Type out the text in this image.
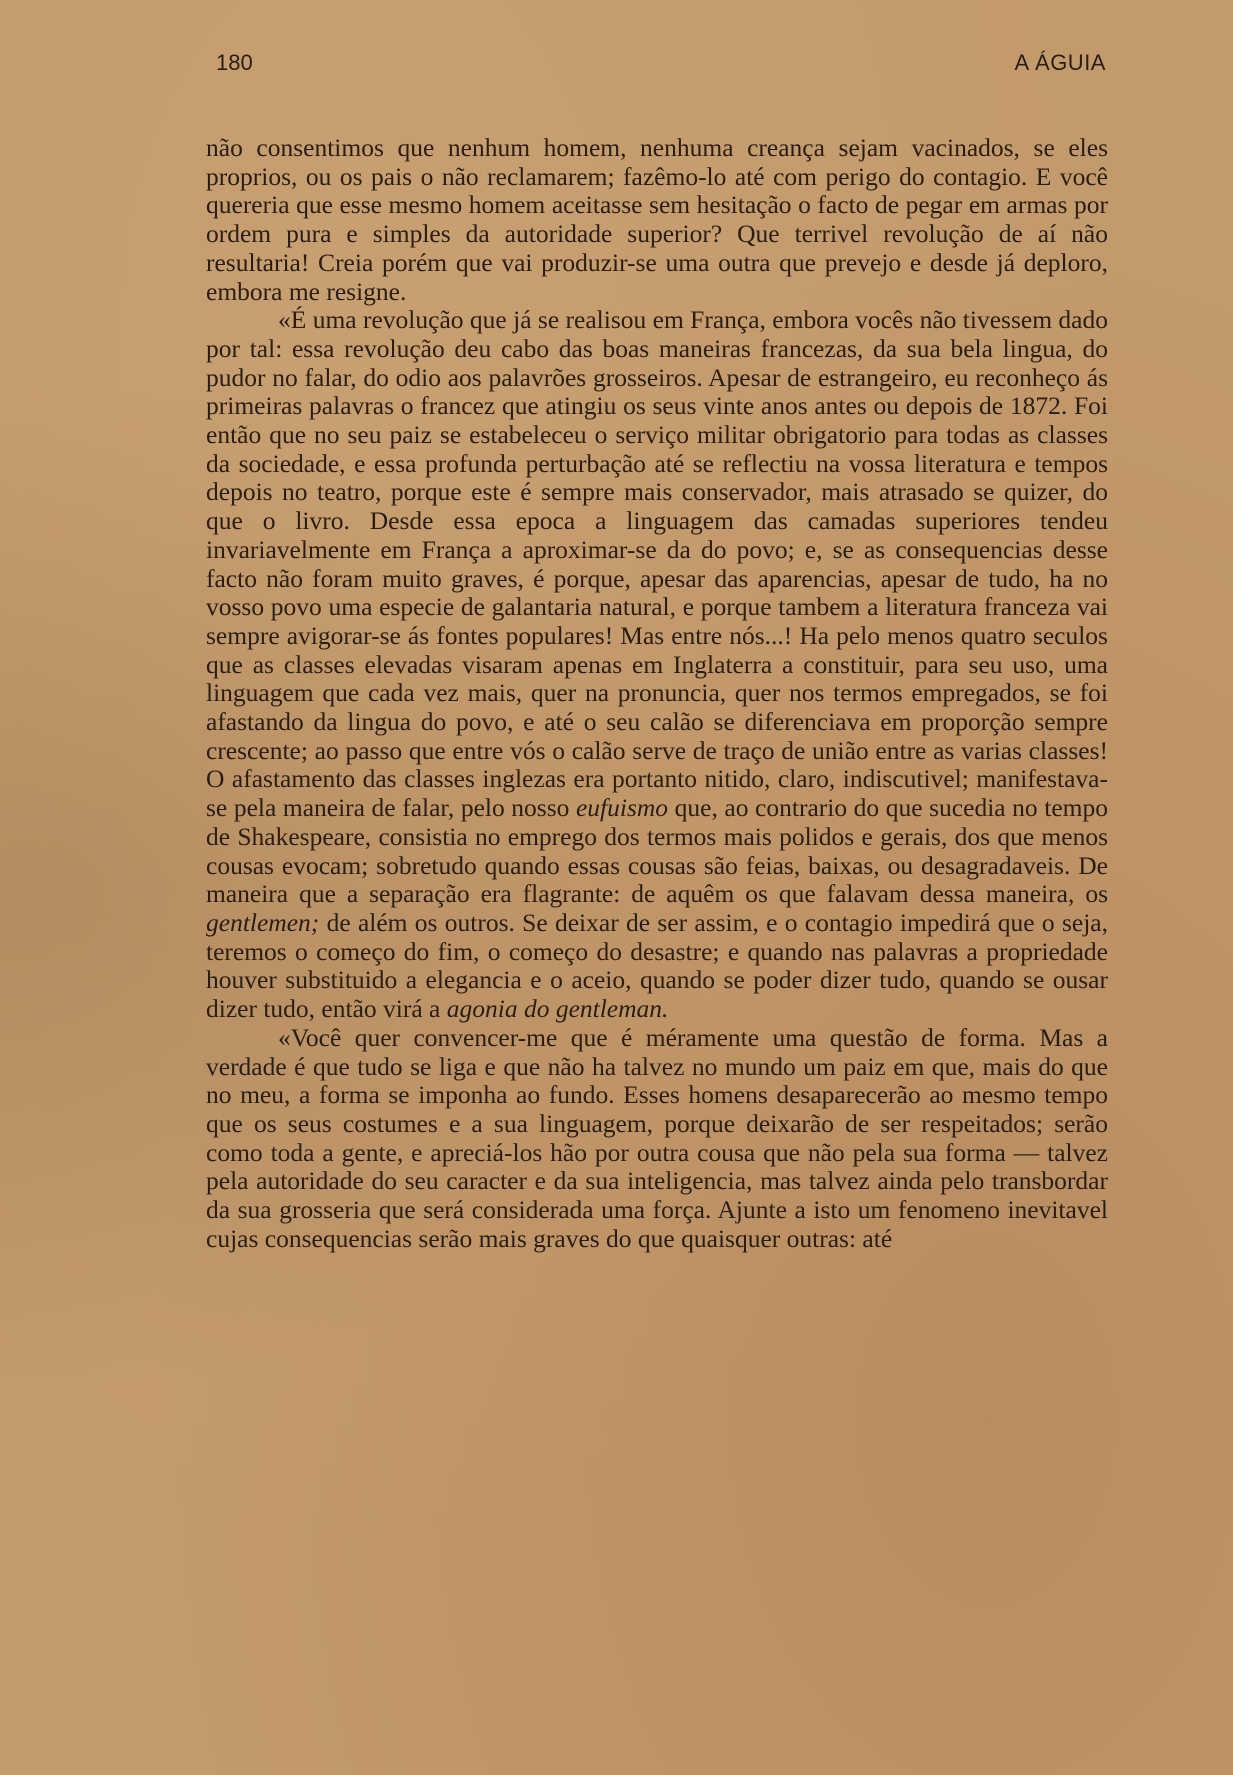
180	A ÁGUIA

não consentimos que nenhum homem, nenhuma creança sejam vacinados, se eles proprios, ou os pais o não reclamarem; fazêmo-lo até com perigo do contagio. E você quereria que esse mesmo homem aceitasse sem hesitação o facto de pegar em armas por ordem pura e simples da autoridade superior? Que terrivel revolução de aí não resultaria! Creia porém que vai produzir-se uma outra que prevejo e desde já deploro, embora me resigne.

«É uma revolução que já se realisou em França, embora vocês não tivessem dado por tal: essa revolução deu cabo das boas maneiras francezas, da sua bela lingua, do pudor no falar, do odio aos palavrões grosseiros. Apesar de estrangeiro, eu reconheço ás primeiras palavras o francez que atingiu os seus vinte anos antes ou depois de 1872. Foi então que no seu paiz se estabeleceu o serviço militar obrigatorio para todas as classes da sociedade, e essa profunda perturbação até se reflectiu na vossa literatura e tempos depois no teatro, porque este é sempre mais conservador, mais atrasado se quizer, do que o livro. Desde essa epoca a linguagem das camadas superiores tendeu invariavelmente em França a aproximar-se da do povo; e, se as consequencias desse facto não foram muito graves, é porque, apesar das aparencias, apesar de tudo, ha no vosso povo uma especie de galantaria natural, e porque tambem a literatura franceza vai sempre avigorar-se ás fontes populares! Mas entre nós...! Ha pelo menos quatro seculos que as classes elevadas visaram apenas em Inglaterra a constituir, para seu uso, uma linguagem que cada vez mais, quer na pronuncia, quer nos termos empregados, se foi afastando da lingua do povo, e até o seu calão se diferenciava em proporção sempre crescente; ao passo que entre vós o calão serve de traço de união entre as varias classes! O afastamento das classes inglezas era portanto nitido, claro, indiscutivel; manifestava-se pela maneira de falar, pelo nosso eufuismo que, ao contrario do que sucedia no tempo de Shakespeare, consistia no emprego dos termos mais polidos e gerais, dos que menos cousas evocam; sobretudo quando essas cousas são feias, baixas, ou desagradaveis. De maneira que a separação era flagrante: de aquêm os que falavam dessa maneira, os gentlemen; de além os outros. Se deixar de ser assim, e o contagio impedirá que o seja, teremos o começo do fim, o começo do desastre; e quando nas palavras a propriedade houver substituido a elegancia e o aceio, quando se poder dizer tudo, quando se ousar dizer tudo, então virá a agonia do gentleman.

«Você quer convencer-me que é méramente uma questão de forma. Mas a verdade é que tudo se liga e que não ha talvez no mundo um paiz em que, mais do que no meu, a forma se imponha ao fundo. Esses homens desaparecerão ao mesmo tempo que os seus costumes e a sua linguagem, porque deixarão de ser respeitados; serão como toda a gente, e apreciá-los hão por outra cousa que não pela sua forma — talvez pela autoridade do seu caracter e da sua inteligencia, mas talvez ainda pelo transbordar da sua grosseria que será considerada uma força. Ajunte a isto um fenomeno inevitavel cujas consequencias serão mais graves do que quaisquer outras: até
